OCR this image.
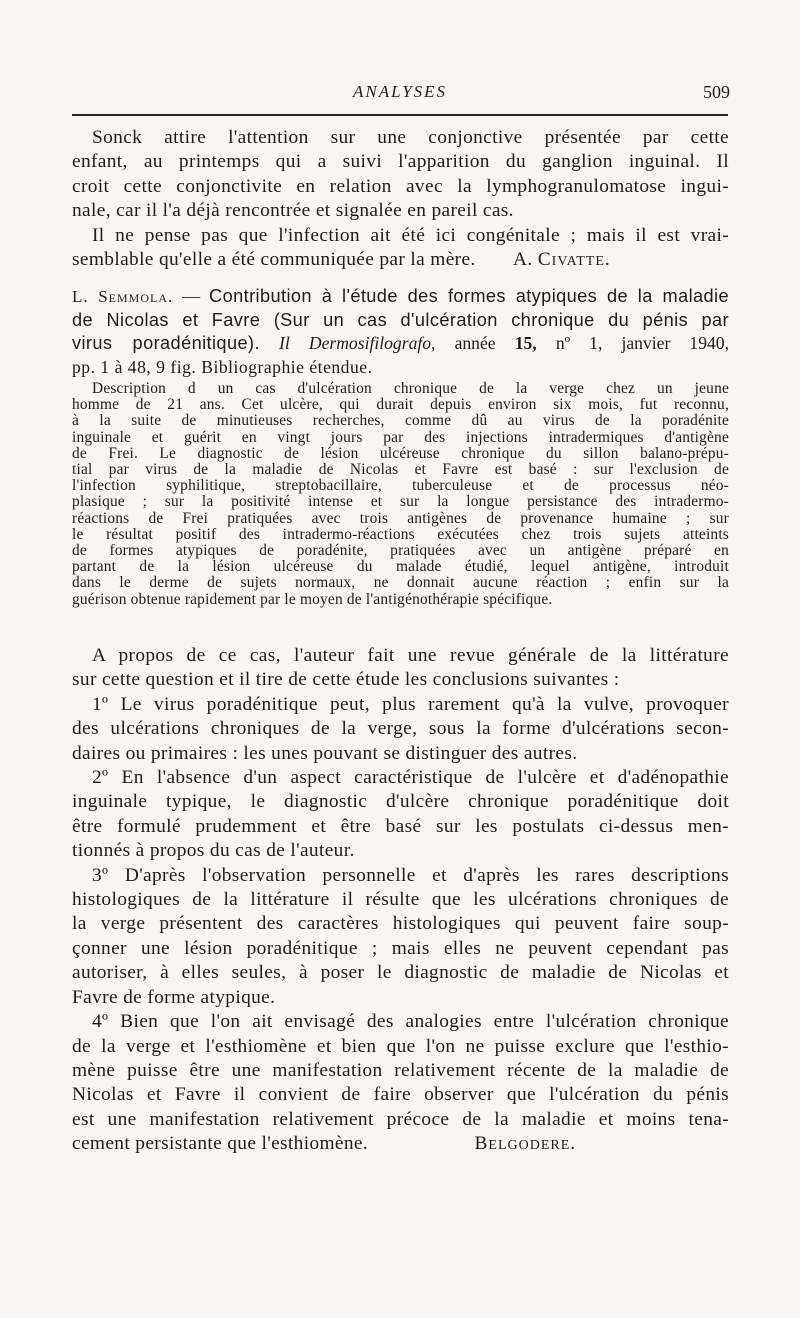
ANALYSES	509
Sonck attire l'attention sur une conjonctive présentée par cette
enfant, au printemps qui a suivi l'apparition du ganglion inguinal. Il
croit cette conjonctivite en relation avec la lymphogranulomatose ingui-
nale, car il l'a déjà rencontrée et signalée en pareil cas.
Il ne pense pas que l'infection ait été ici congénitale ; mais il est vrai-
semblable qu'elle a été communiquée par la mère. A. Civatte.
L. Semmola. — Contribution à l'étude des formes atypiques de la maladie
de Nicolas et Favre (Sur un cas d'ulcération chronique du pénis par
virus poradénitique). Il Dermosifilografo, année 15, nº 1, janvier 1940,
pp. 1 à 48, 9 fig. Bibliographie étendue.
Description d un cas d'ulcération chronique de la verge chez un jeune
homme de 21 ans. Cet ulcère, qui durait depuis environ six mois, fut reconnu,
à la suite de minutieuses recherches, comme dû au virus de la poradénite
inguinale et guérit en vingt jours par des injections intradermiques d'antigène
de Frei. Le diagnostic de lésion ulcéreuse chronique du sillon balano-prépu-
tial par virus de la maladie de Nicolas et Favre est basé : sur l'exclusion de
l'infection syphilitique, streptobacillaire, tuberculeuse et de processus néo-
plasique ; sur la positivité intense et sur la longue persistance des intradermo-
réactions de Frei pratiquées avec trois antigènes de provenance humaine ; sur
le résultat positif des intradermo-réactions exécutées chez trois sujets atteints
de formes atypiques de poradénite, pratiquées avec un antigène préparé en
partant de la lésion ulcéreuse du malade étudié, lequel antigène, introduit
dans le derme de sujets normaux, ne donnait aucune réaction ; enfin sur la
guérison obtenue rapidement par le moyen de l'antigénothérapie spécifique.
A propos de ce cas, l'auteur fait une revue générale de la littérature
sur cette question et il tire de cette étude les conclusions suivantes :
1º Le virus poradénitique peut, plus rarement qu'à la vulve, provoquer
des ulcérations chroniques de la verge, sous la forme d'ulcérations secon-
daires ou primaires : les unes pouvant se distinguer des autres.
2º En l'absence d'un aspect caractéristique de l'ulcère et d'adénopathie
inguinale typique, le diagnostic d'ulcère chronique poradénitique doit
être formulé prudemment et être basé sur les postulats ci-dessus men-
tionnés à propos du cas de l'auteur.
3º D'après l'observation personnelle et d'après les rares descriptions
histologiques de la littérature il résulte que les ulcérations chroniques de
la verge présentent des caractères histologiques qui peuvent faire soup-
çonner une lésion poradénitique ; mais elles ne peuvent cependant pas
autoriser, à elles seules, à poser le diagnostic de maladie de Nicolas et
Favre de forme atypique.
4º Bien que l'on ait envisagé des analogies entre l'ulcération chronique
de la verge et l'esthiomène et bien que l'on ne puisse exclure que l'esthio-
mène puisse être une manifestation relativement récente de la maladie de
Nicolas et Favre il convient de faire observer que l'ulcération du pénis
est une manifestation relativement précoce de la maladie et moins tena-
cement persistante que l'esthiomène.	Belgodere.
